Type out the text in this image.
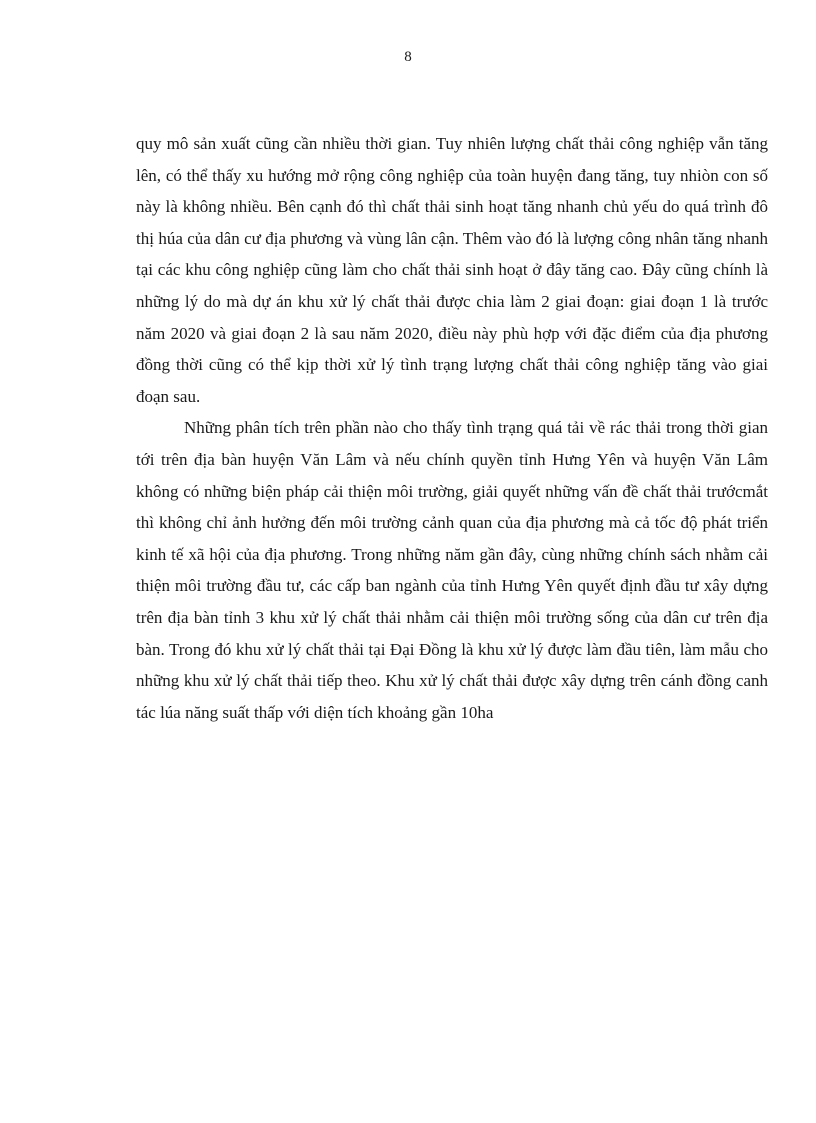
8

quy mô sản xuất cũng cần nhiều thời gian. Tuy nhiên lượng chất thải công nghiệp vẫn tăng lên, có thể thấy xu hướng mở rộng công nghiệp của toàn huyện đang tăng, tuy nhiòn con số này là không nhiều. Bên cạnh đó thì chất thải sinh hoạt tăng nhanh chủ yếu do quá trình đô thị húa của dân cư địa phương và vùng lân cận. Thêm vào đó là lượng công nhân tăng nhanh tại các khu công nghiệp cũng làm cho chất thải sinh hoạt ở đây tăng cao. Đây cũng chính là những lý do mà dự án khu xử lý chất thải được chia làm 2 giai đoạn: giai đoạn 1 là trước năm 2020 và giai đoạn 2 là sau năm 2020, điều này phù hợp với đặc điểm của địa phương đồng thời cũng có thể kịp thời xử lý tình trạng lượng chất thải công nghiệp tăng vào giai đoạn sau.

Những phân tích trên phần nào cho thấy tình trạng quá tải về rác thải trong thời gian tới trên địa bàn huyện Văn Lâm và nếu chính quyền tỉnh Hưng Yên và huyện Văn Lâm không có những biện pháp cải thiện môi trường, giải quyết những vấn đề chất thải trướcmắt thì không chỉ ảnh hưởng đến môi trường cảnh quan của địa phương mà cả tốc độ phát triển kinh tế xã hội của địa phương. Trong những năm gần đây, cùng những chính sách nhằm cải thiện môi trường đầu tư, các cấp ban ngành của tỉnh Hưng Yên quyết định đầu tư xây dựng trên địa bàn tỉnh 3 khu xử lý chất thải nhằm cải thiện môi trường sống của dân cư trên địa bàn. Trong đó khu xử lý chất thải tại Đại Đồng là khu xử lý được làm đầu tiên, làm mẫu cho những khu xử lý chất thải tiếp theo. Khu xử lý chất thải được xây dựng trên cánh đồng canh tác lúa năng suất thấp với diện tích khoảng gần 10ha
